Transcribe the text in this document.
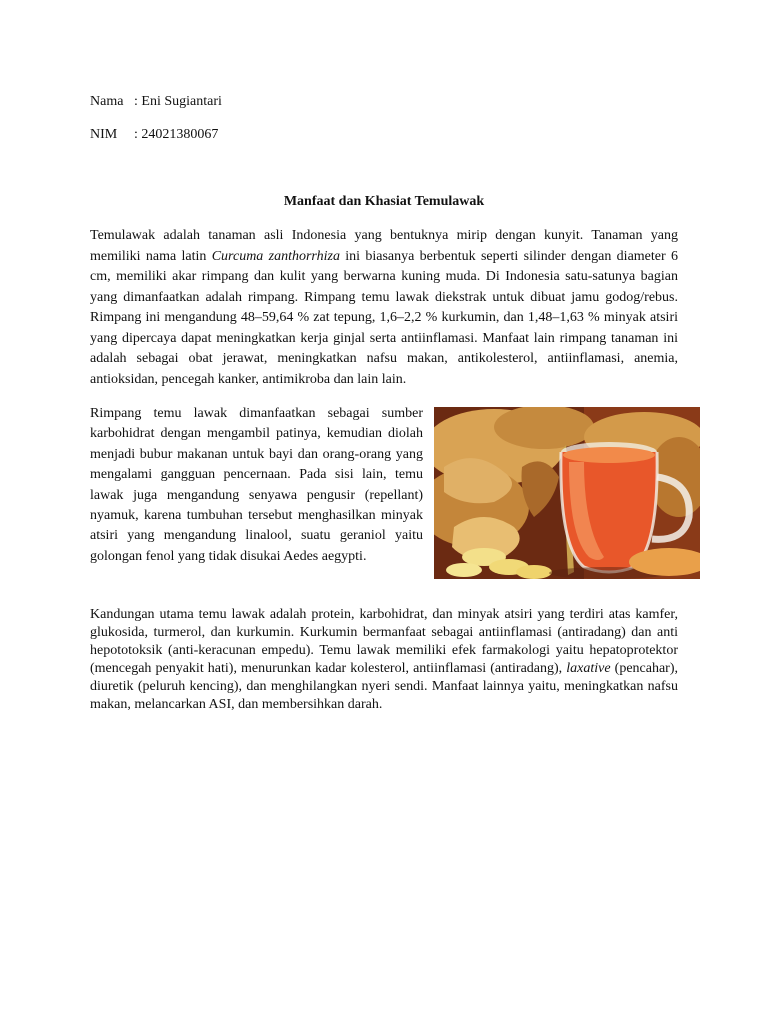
Nama : Eni Sugiantari

NIM : 24021380067

Manfaat dan Khasiat Temulawak

Temulawak adalah tanaman asli Indonesia yang bentuknya mirip dengan kunyit. Tanaman yang memiliki nama latin Curcuma zanthorrhiza ini biasanya berbentuk seperti silinder dengan diameter 6 cm, memiliki akar rimpang dan kulit yang berwarna kuning muda. Di Indonesia satu-satunya bagian yang dimanfaatkan adalah rimpang. Rimpang temu lawak diekstrak untuk dibuat jamu godog/rebus. Rimpang ini mengandung 48–59,64 % zat tepung, 1,6–2,2 % kurkumin, dan 1,48–1,63 % minyak atsiri yang dipercaya dapat meningkatkan kerja ginjal serta antiinflamasi. Manfaat lain rimpang tanaman ini adalah sebagai obat jerawat, meningkatkan nafsu makan, antikolesterol, antiinflamasi, anemia, antioksidan, pencegah kanker, antimikroba dan lain lain.

Rimpang temu lawak dimanfaatkan sebagai sumber karbohidrat dengan mengambil patinya, kemudian diolah menjadi bubur makanan untuk bayi dan orang-orang yang mengalami gangguan pencernaan. Pada sisi lain, temu lawak juga mengandung senyawa pengusir (repellant) nyamuk, karena tumbuhan tersebut menghasilkan minyak atsiri yang mengandung linalool, suatu geraniol yaitu golongan fenol yang tidak disukai Aedes aegypti.

Kandungan utama temu lawak adalah protein, karbohidrat, dan minyak atsiri yang terdiri atas kamfer, glukosida, turmerol, dan kurkumin. Kurkumin bermanfaat sebagai antiinflamasi (antiradang) dan anti hepototoksik (anti-keracunan empedu). Temu lawak memiliki efek farmakologi yaitu hepatoprotektor (mencegah penyakit hati), menurunkan kadar kolesterol, antiinflamasi (antiradang), laxative (pencahar), diuretik (peluruh kencing), dan menghilangkan nyeri sendi. Manfaat lainnya yaitu, meningkatkan nafsu makan, melancarkan ASI, dan membersihkan darah.
